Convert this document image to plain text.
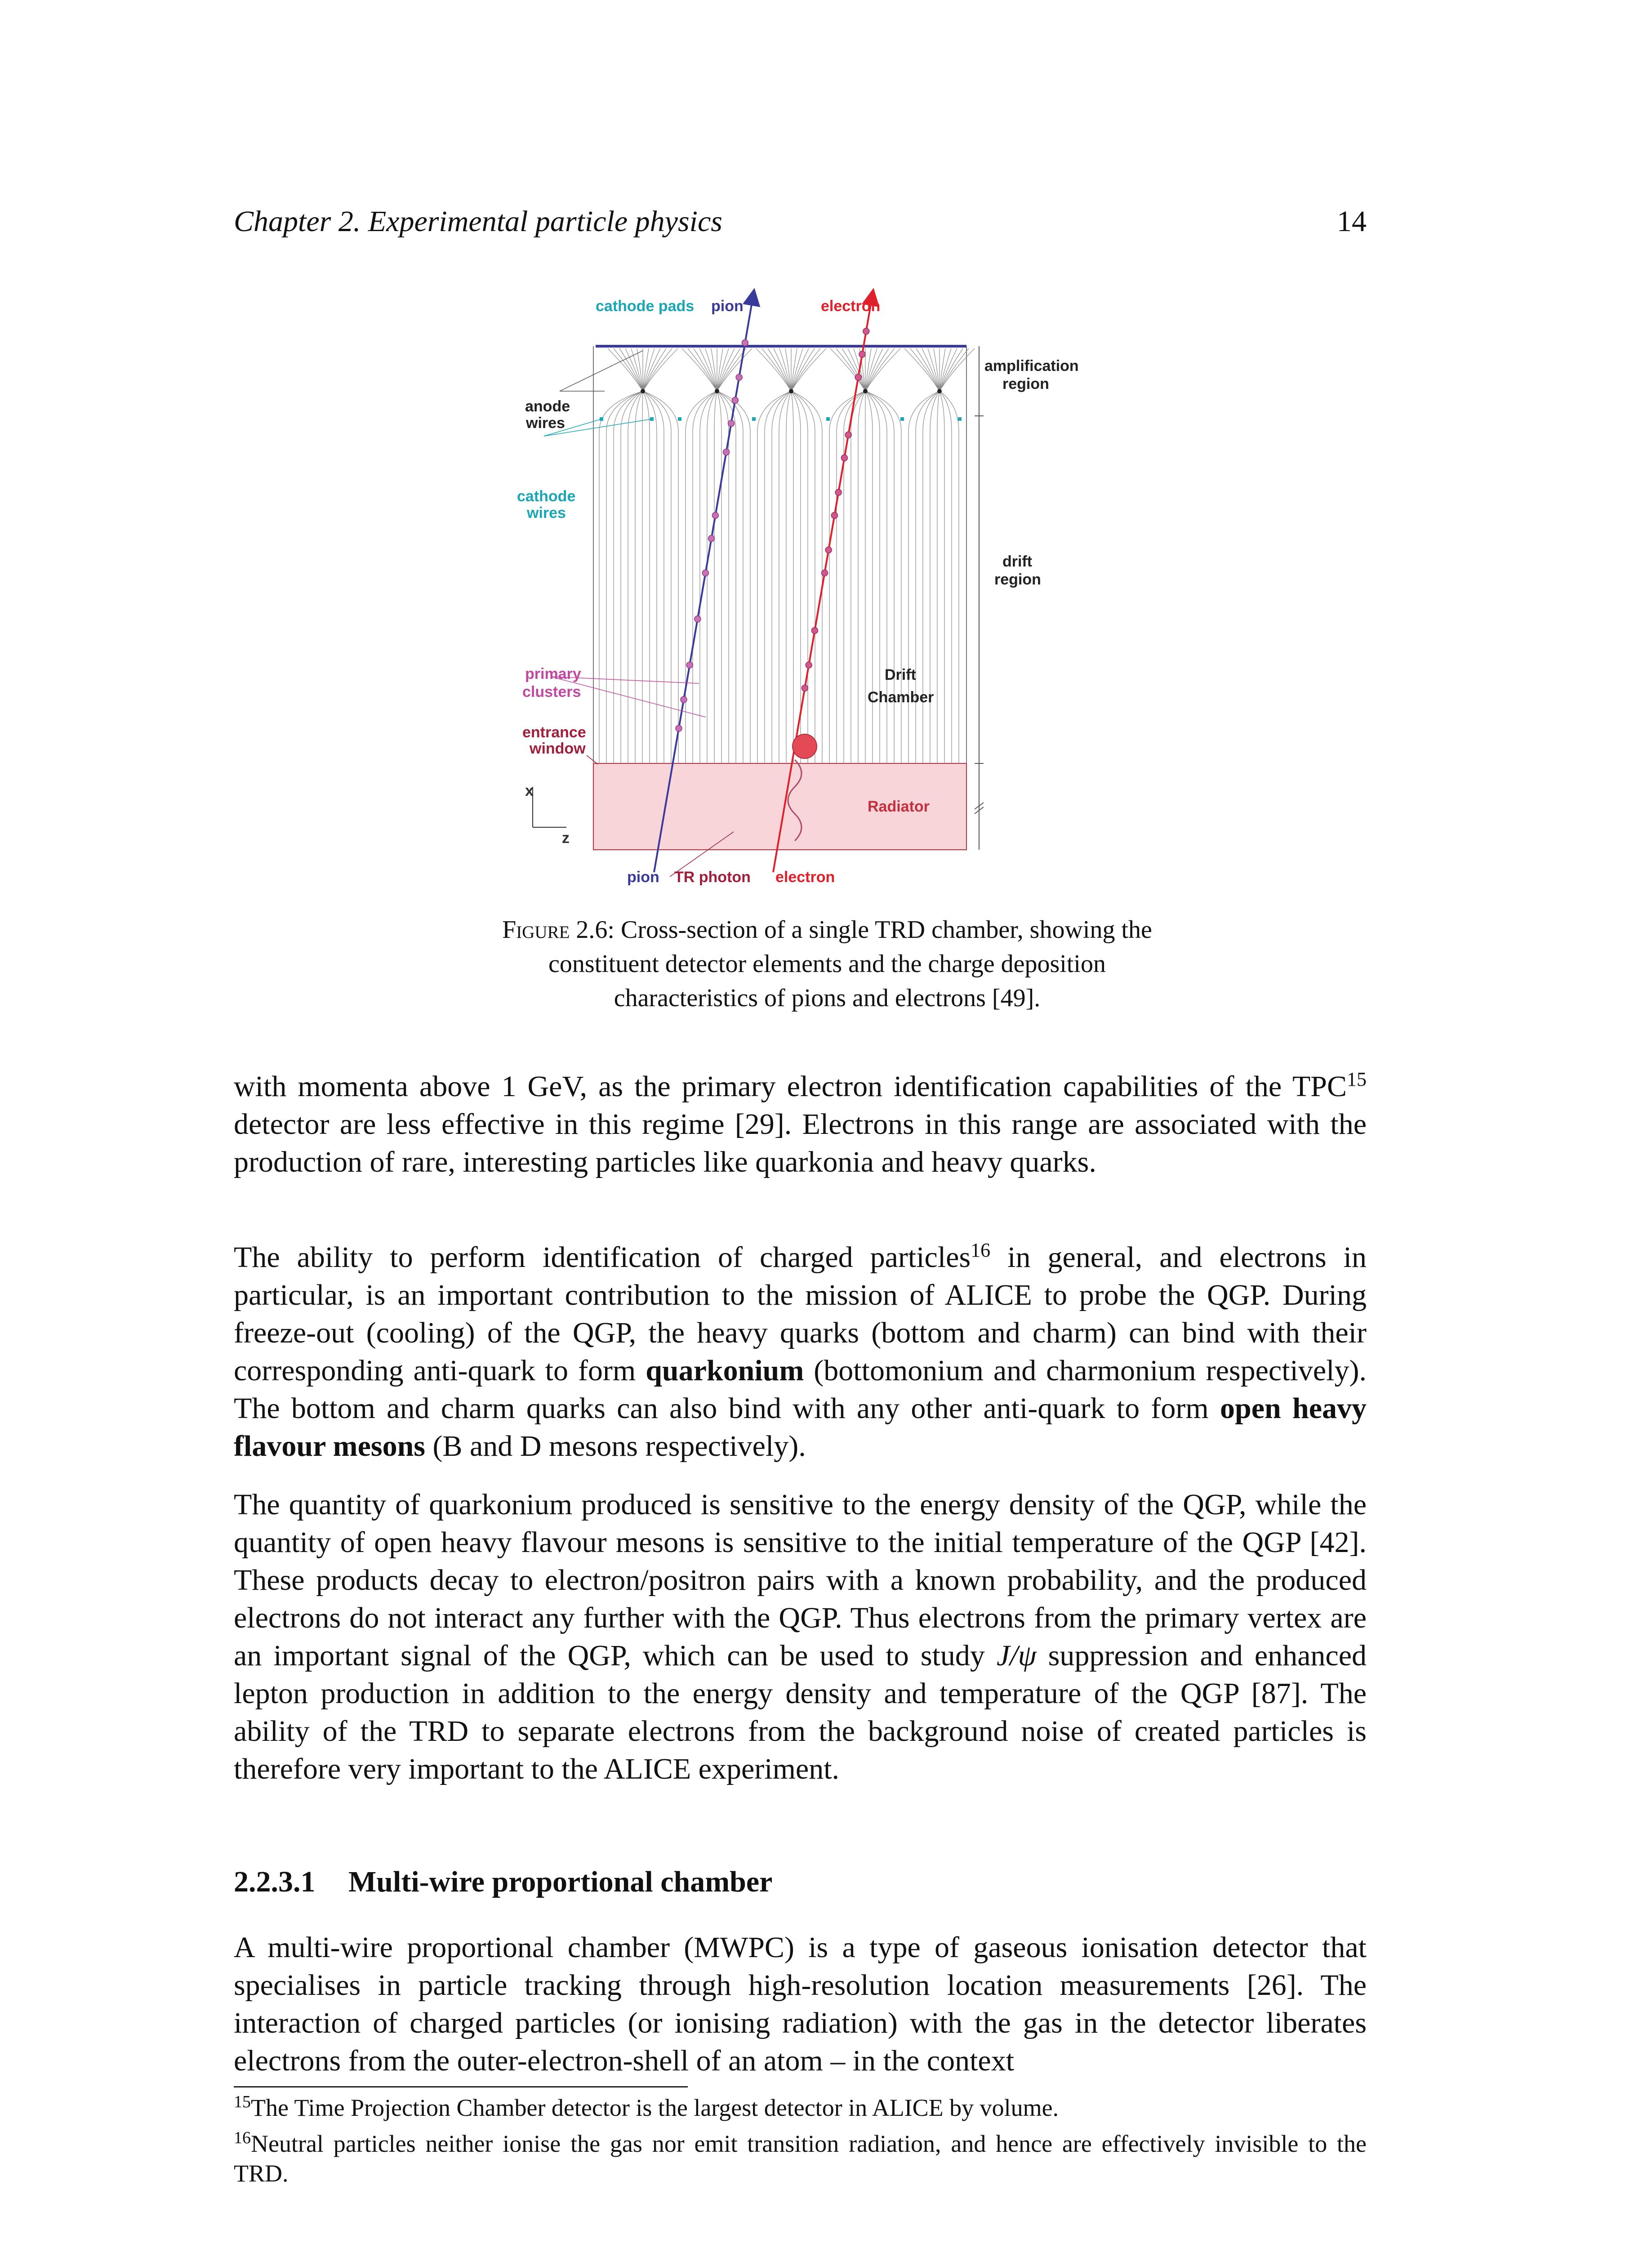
Chapter 2. Experimental particle physics	14
x
z
cathode pads pion	electron
amplification
region
anode
wires
cathode
wires
drift
region
primary
clusters
entrance
window
Drift
Chamber
Radiator
pion TR photon electron
Figure 2.6: Cross-section of a single TRD chamber, showing the
constituent detector elements and the charge deposition
characteristics of pions and electrons [49].
with momenta above 1 GeV, as the primary electron identification capabilities of the TPC$^{15}$ detector are less effective in this regime [29]. Electrons in this range are associated with the production of rare, interesting particles like quarkonia and heavy quarks.
The ability to perform identification of charged particles$^{16}$ in general, and electrons in particular, is an important contribution to the mission of ALICE to probe the QGP. During freeze-out (cooling) of the QGP, the heavy quarks (bottom and charm) can bind with their corresponding anti-quark to form quarkonium (bottomonium and charmonium respectively). The bottom and charm quarks can also bind with any other anti-quark to form open heavy flavour mesons (B and D mesons respectively).
The quantity of quarkonium produced is sensitive to the energy density of the QGP, while the quantity of open heavy flavour mesons is sensitive to the initial temperature of the QGP [42]. These products decay to electron/positron pairs with a known probability, and the produced electrons do not interact any further with the QGP. Thus electrons from the primary vertex are an important signal of the QGP, which can be used to study J/ψ suppression and enhanced lepton production in addition to the energy density and temperature of the QGP [87]. The ability of the TRD to separate electrons from the background noise of created particles is therefore very important to the ALICE experiment.
2.2.3.1 Multi-wire proportional chamber
A multi-wire proportional chamber (MWPC) is a type of gaseous ionisation detector that specialises in particle tracking through high-resolution location measurements [26]. The interaction of charged particles (or ionising radiation) with the gas in the detector liberates electrons from the outer-electron-shell of an atom – in the context
$^{15}$The Time Projection Chamber detector is the largest detector in ALICE by volume.
$^{16}$Neutral particles neither ionise the gas nor emit transition radiation, and hence are effectively invisible to the TRD.
